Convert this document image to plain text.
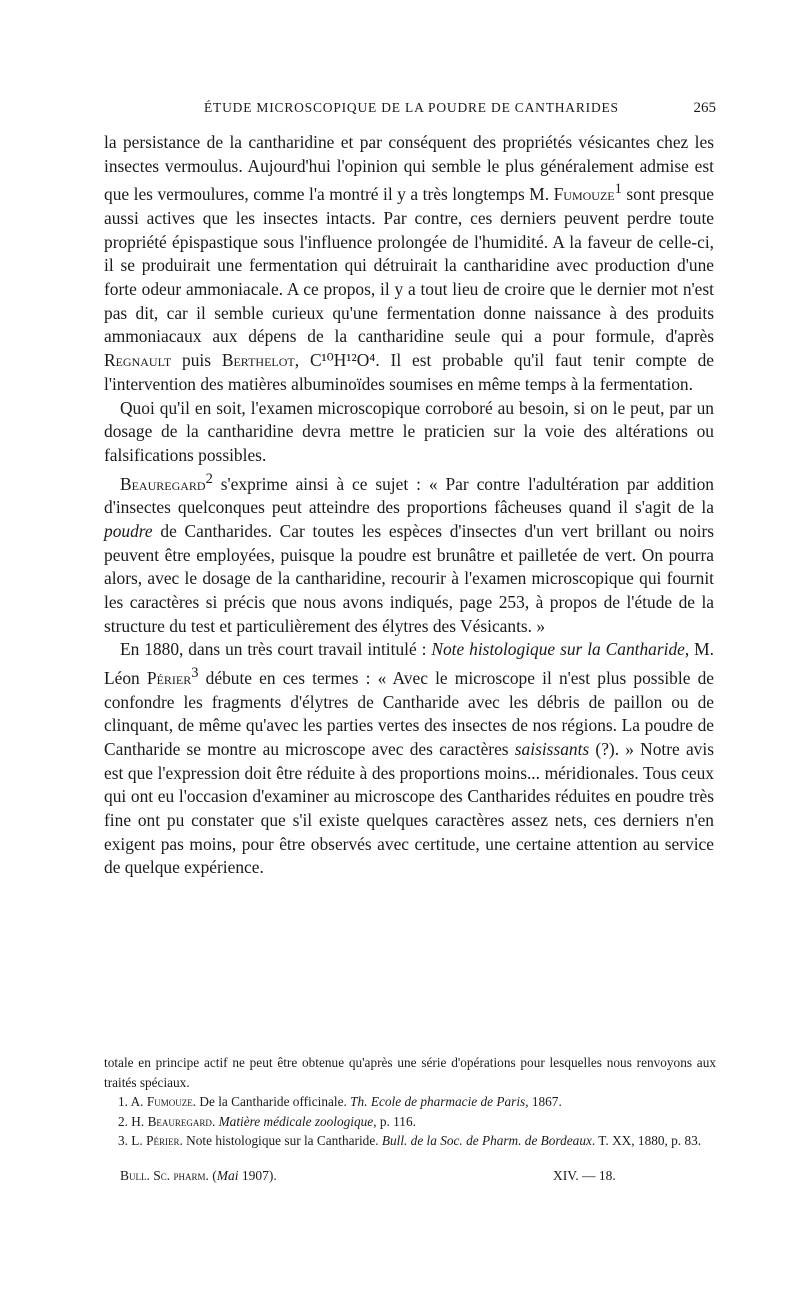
ÉTUDE MICROSCOPIQUE DE LA POUDRE DE CANTHARIDES	265

la persistance de la cantharidine et par conséquent des propriétés vésicantes chez les insectes vermoulus. Aujourd'hui l'opinion qui semble le plus généralement admise est que les vermoulures, comme l'a montré il y a très longtemps M. Fumouze$^1$ sont presque aussi actives que les insectes intacts. Par contre, ces derniers peuvent perdre toute propriété épispastique sous l'influence prolongée de l'humidité. A la faveur de celle-ci, il se produirait une fermentation qui détruirait la cantharidine avec production d'une forte odeur ammoniacale. A ce propos, il y a tout lieu de croire que le dernier mot n'est pas dit, car il semble curieux qu'une fermentation donne naissance à des produits ammoniacaux aux dépens de la cantharidine seule qui a pour formule, d'après Regnault puis Berthelot, C¹⁰H¹²O⁴. Il est probable qu'il faut tenir compte de l'intervention des matières albuminoïdes soumises en même temps à la fermentation.

Quoi qu'il en soit, l'examen microscopique corroboré au besoin, si on le peut, par un dosage de la cantharidine devra mettre le praticien sur la voie des altérations ou falsifications possibles.

Beauregard$^2$ s'exprime ainsi à ce sujet : « Par contre l'adultération par addition d'insectes quelconques peut atteindre des proportions fâcheuses quand il s'agit de la poudre de Cantharides. Car toutes les espèces d'insectes d'un vert brillant ou noirs peuvent être employées, puisque la poudre est brunâtre et pailletée de vert. On pourra alors, avec le dosage de la cantharidine, recourir à l'examen microscopique qui fournit les caractères si précis que nous avons indiqués, page 253, à propos de l'étude de la structure du test et particulièrement des élytres des Vésicants. »

En 1880, dans un très court travail intitulé : Note histologique sur la Cantharide, M. Léon Périer$^3$ débute en ces termes : « Avec le microscope il n'est plus possible de confondre les fragments d'élytres de Cantharide avec les débris de paillon ou de clinquant, de même qu'avec les parties vertes des insectes de nos régions. La poudre de Cantharide se montre au microscope avec des caractères saisissants (?). » Notre avis est que l'expression doit être réduite à des proportions moins... méridionales. Tous ceux qui ont eu l'occasion d'examiner au microscope des Cantharides réduites en poudre très fine ont pu constater que s'il existe quelques caractères assez nets, ces derniers n'en exigent pas moins, pour être observés avec certitude, une certaine attention au service de quelque expérience.

totale en principe actif ne peut être obtenue qu'après une série d'opérations pour lesquelles nous renvoyons aux traités spéciaux.

1. A. Fumouze. De la Cantharide officinale. Th. Ecole de pharmacie de Paris, 1867.

2. H. Beauregard. Matière médicale zoologique, p. 116.

3. L. Périer. Note histologique sur la Cantharide. Bull. de la Soc. de Pharm. de Bordeaux. T. XX, 1880, p. 83.

Bull. Sc. pharm. (Mai 1907).	XIV. — 18.
